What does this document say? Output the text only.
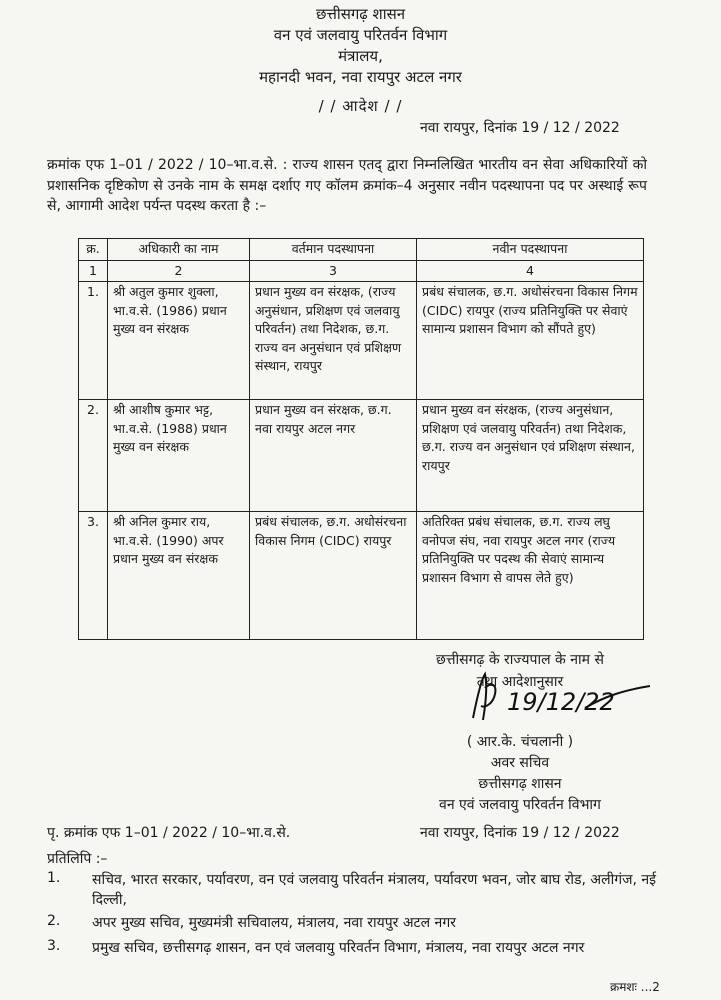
छत्तीसगढ़ शासन
वन एवं जलवायु परितर्वन विभाग
मंत्रालय,
महानदी भवन, नवा रायपुर अटल नगर
/ / आदेश / /
नवा रायपुर, दिनांक 19 / 12 / 2022
क्रमांक एफ 1–01 / 2022 / 10–भा.व.से. : राज्य शासन एतद् द्वारा निम्नलिखित भारतीय वन सेवा अधिकारियों को प्रशासनिक दृष्टिकोण से उनके नाम के समक्ष दर्शाए गए कॉलम क्रमांक–4 अनुसार नवीन पदस्थापना पद पर अस्थाई रूप से, आगामी आदेश पर्यन्त पदस्थ करता है :–
क्र.	अधिकारी का नाम	वर्तमान पदस्थापना	नवीन पदस्थापना
1	2	3	4
1.	श्री अतुल कुमार शुक्ला, भा.व.से. (1986) प्रधान मुख्य वन संरक्षक	प्रधान मुख्य वन संरक्षक, (राज्य अनुसंधान, प्रशिक्षण एवं जलवायु परिवर्तन) तथा निदेशक, छ.ग. राज्य वन अनुसंधान एवं प्रशिक्षण संस्थान, रायपुर	प्रबंध संचालक, छ.ग. अधोसंरचना विकास निगम (CIDC) रायपुर (राज्य प्रतिनियुक्ति पर सेवाएं सामान्य प्रशासन विभाग को सौंपते हुए)
2.	श्री आशीष कुमार भट्ट, भा.व.से. (1988) प्रधान मुख्य वन संरक्षक	प्रधान मुख्य वन संरक्षक, छ.ग. नवा रायपुर अटल नगर	प्रधान मुख्य वन संरक्षक, (राज्य अनुसंधान, प्रशिक्षण एवं जलवायु परिवर्तन) तथा निदेशक, छ.ग. राज्य वन अनुसंधान एवं प्रशिक्षण संस्थान, रायपुर
3.	श्री अनिल कुमार राय, भा.व.से. (1990) अपर प्रधान मुख्य वन संरक्षक	प्रबंध संचालक, छ.ग. अधोसंरचना विकास निगम (CIDC) रायपुर	अतिरिक्त प्रबंध संचालक, छ.ग. राज्य लघु वनोपज संघ, नवा रायपुर अटल नगर (राज्य प्रतिनियुक्ति पर पदस्थ की सेवाएं सामान्य प्रशासन विभाग से वापस लेते हुए)
छत्तीसगढ़ के राज्यपाल के नाम से
तथा आदेशानुसार
19/12/22
( आर.के. चंचलानी )
अवर सचिव
छत्तीसगढ़ शासन
वन एवं जलवायु परिवर्तन विभाग
पृ. क्रमांक एफ 1–01 / 2022 / 10–भा.व.से.	नवा रायपुर, दिनांक 19 / 12 / 2022
प्रतिलिपि :–
1. सचिव, भारत सरकार, पर्यावरण, वन एवं जलवायु परिवर्तन मंत्रालय, पर्यावरण भवन, जोर बाघ रोड, अलीगंज, नई दिल्ली,
2. अपर मुख्य सचिव, मुख्यमंत्री सचिवालय, मंत्रालय, नवा रायपुर अटल नगर
3. प्रमुख सचिव, छत्तीसगढ़ शासन, वन एवं जलवायु परिवर्तन विभाग, मंत्रालय, नवा रायपुर अटल नगर
क्रमशः ...2
